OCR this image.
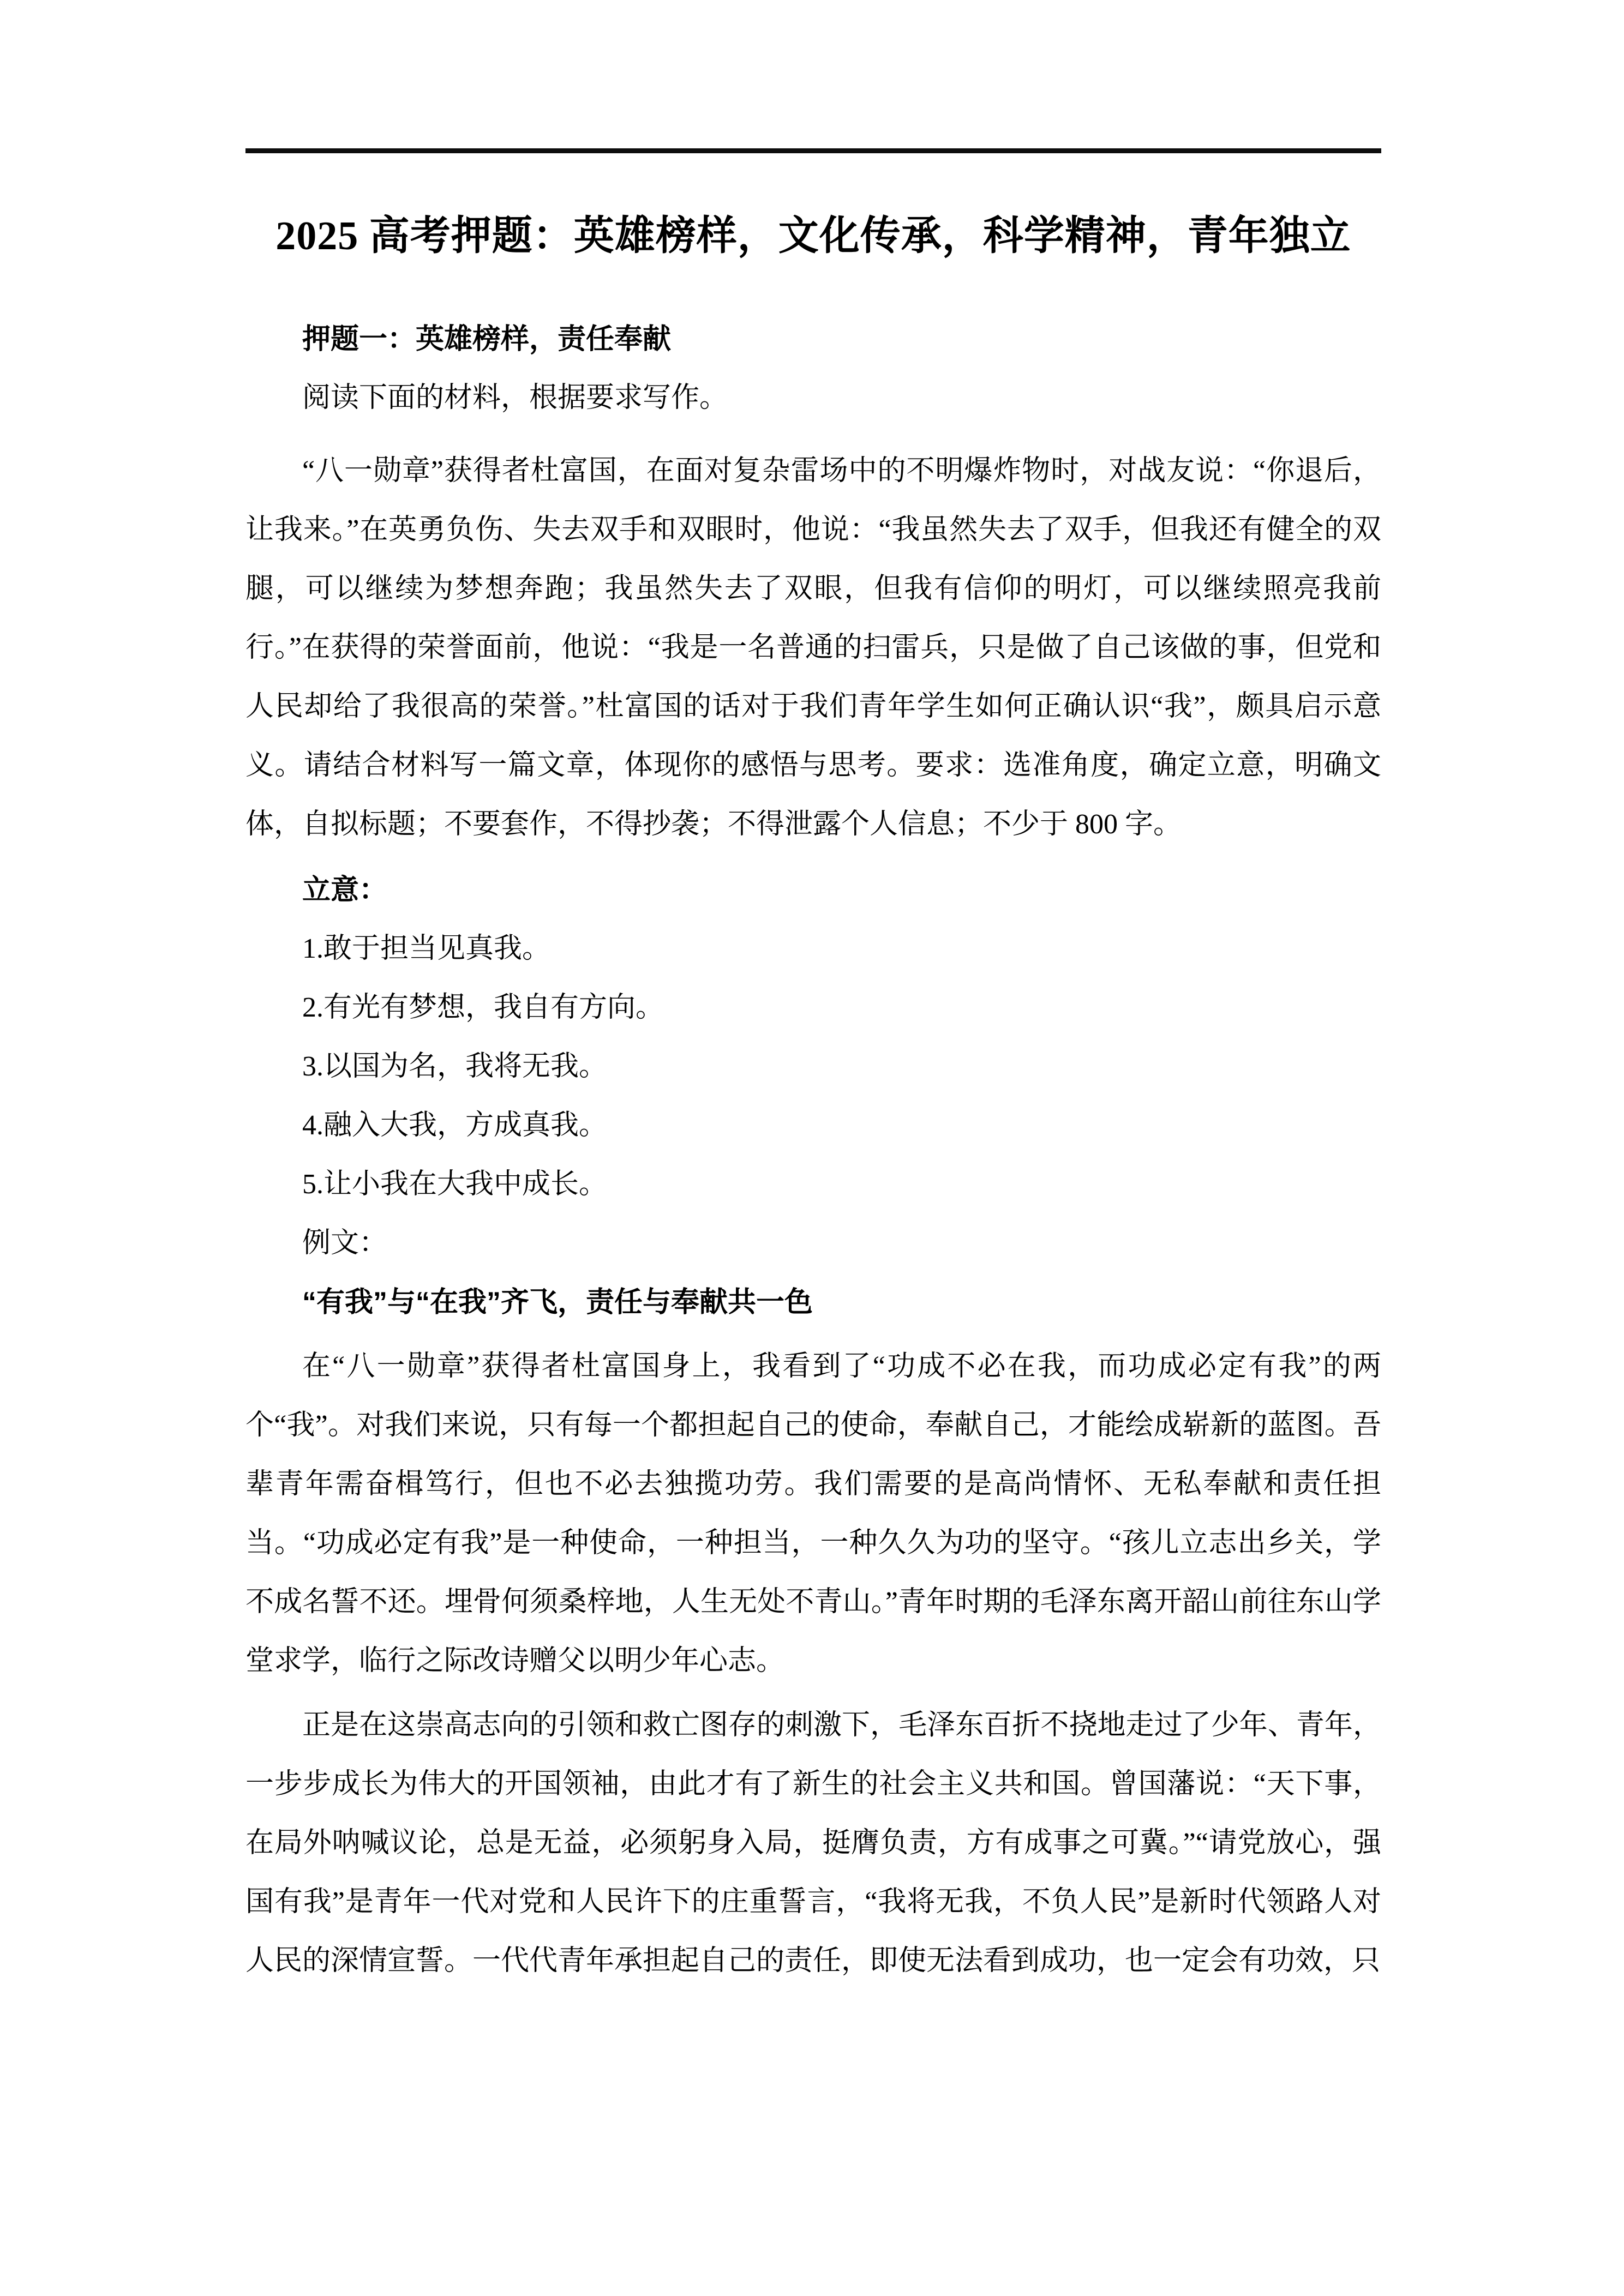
2025 高考押题：英雄榜样，文化传承，科学精神，青年独立

押题一：英雄榜样，责任奉献

阅读下面的材料，根据要求写作。

“八一勋章”获得者杜富国，在面对复杂雷场中的不明爆炸物时，对战友说：“你退后，让我来。”在英勇负伤、失去双手和双眼时，他说：“我虽然失去了双手，但我还有健全的双腿，可以继续为梦想奔跑；我虽然失去了双眼，但我有信仰的明灯，可以继续照亮我前行。”在获得的荣誉面前，他说：“我是一名普通的扫雷兵，只是做了自己该做的事，但党和人民却给了我很高的荣誉。”杜富国的话对于我们青年学生如何正确认识“我”，颇具启示意义。请结合材料写一篇文章，体现你的感悟与思考。要求：选准角度，确定立意，明确文体，自拟标题；不要套作，不得抄袭；不得泄露个人信息；不少于 800 字。

立意：

1.敢于担当见真我。

2.有光有梦想，我自有方向。

3.以国为名，我将无我。

4.融入大我，方成真我。

5.让小我在大我中成长。

例文：

“有我”与“在我”齐飞，责任与奉献共一色

在“八一勋章”获得者杜富国身上，我看到了“功成不必在我，而功成必定有我”的两个“我”。对我们来说，只有每一个都担起自己的使命，奉献自己，才能绘成崭新的蓝图。吾辈青年需奋楫笃行，但也不必去独揽功劳。我们需要的是高尚情怀、无私奉献和责任担当。“功成必定有我”是一种使命，一种担当，一种久久为功的坚守。“孩儿立志出乡关，学不成名誓不还。埋骨何须桑梓地，人生无处不青山。”青年时期的毛泽东离开韶山前往东山学堂求学，临行之际改诗赠父以明少年心志。

正是在这崇高志向的引领和救亡图存的刺激下，毛泽东百折不挠地走过了少年、青年，一步步成长为伟大的开国领袖，由此才有了新生的社会主义共和国。曾国藩说：“天下事，在局外呐喊议论，总是无益，必须躬身入局，挺膺负责，方有成事之可冀。”“请党放心，强国有我”是青年一代对党和人民许下的庄重誓言，“我将无我，不负人民”是新时代领路人对人民的深情宣誓。一代代青年承担起自己的责任，即使无法看到成功，也一定会有功效，只
